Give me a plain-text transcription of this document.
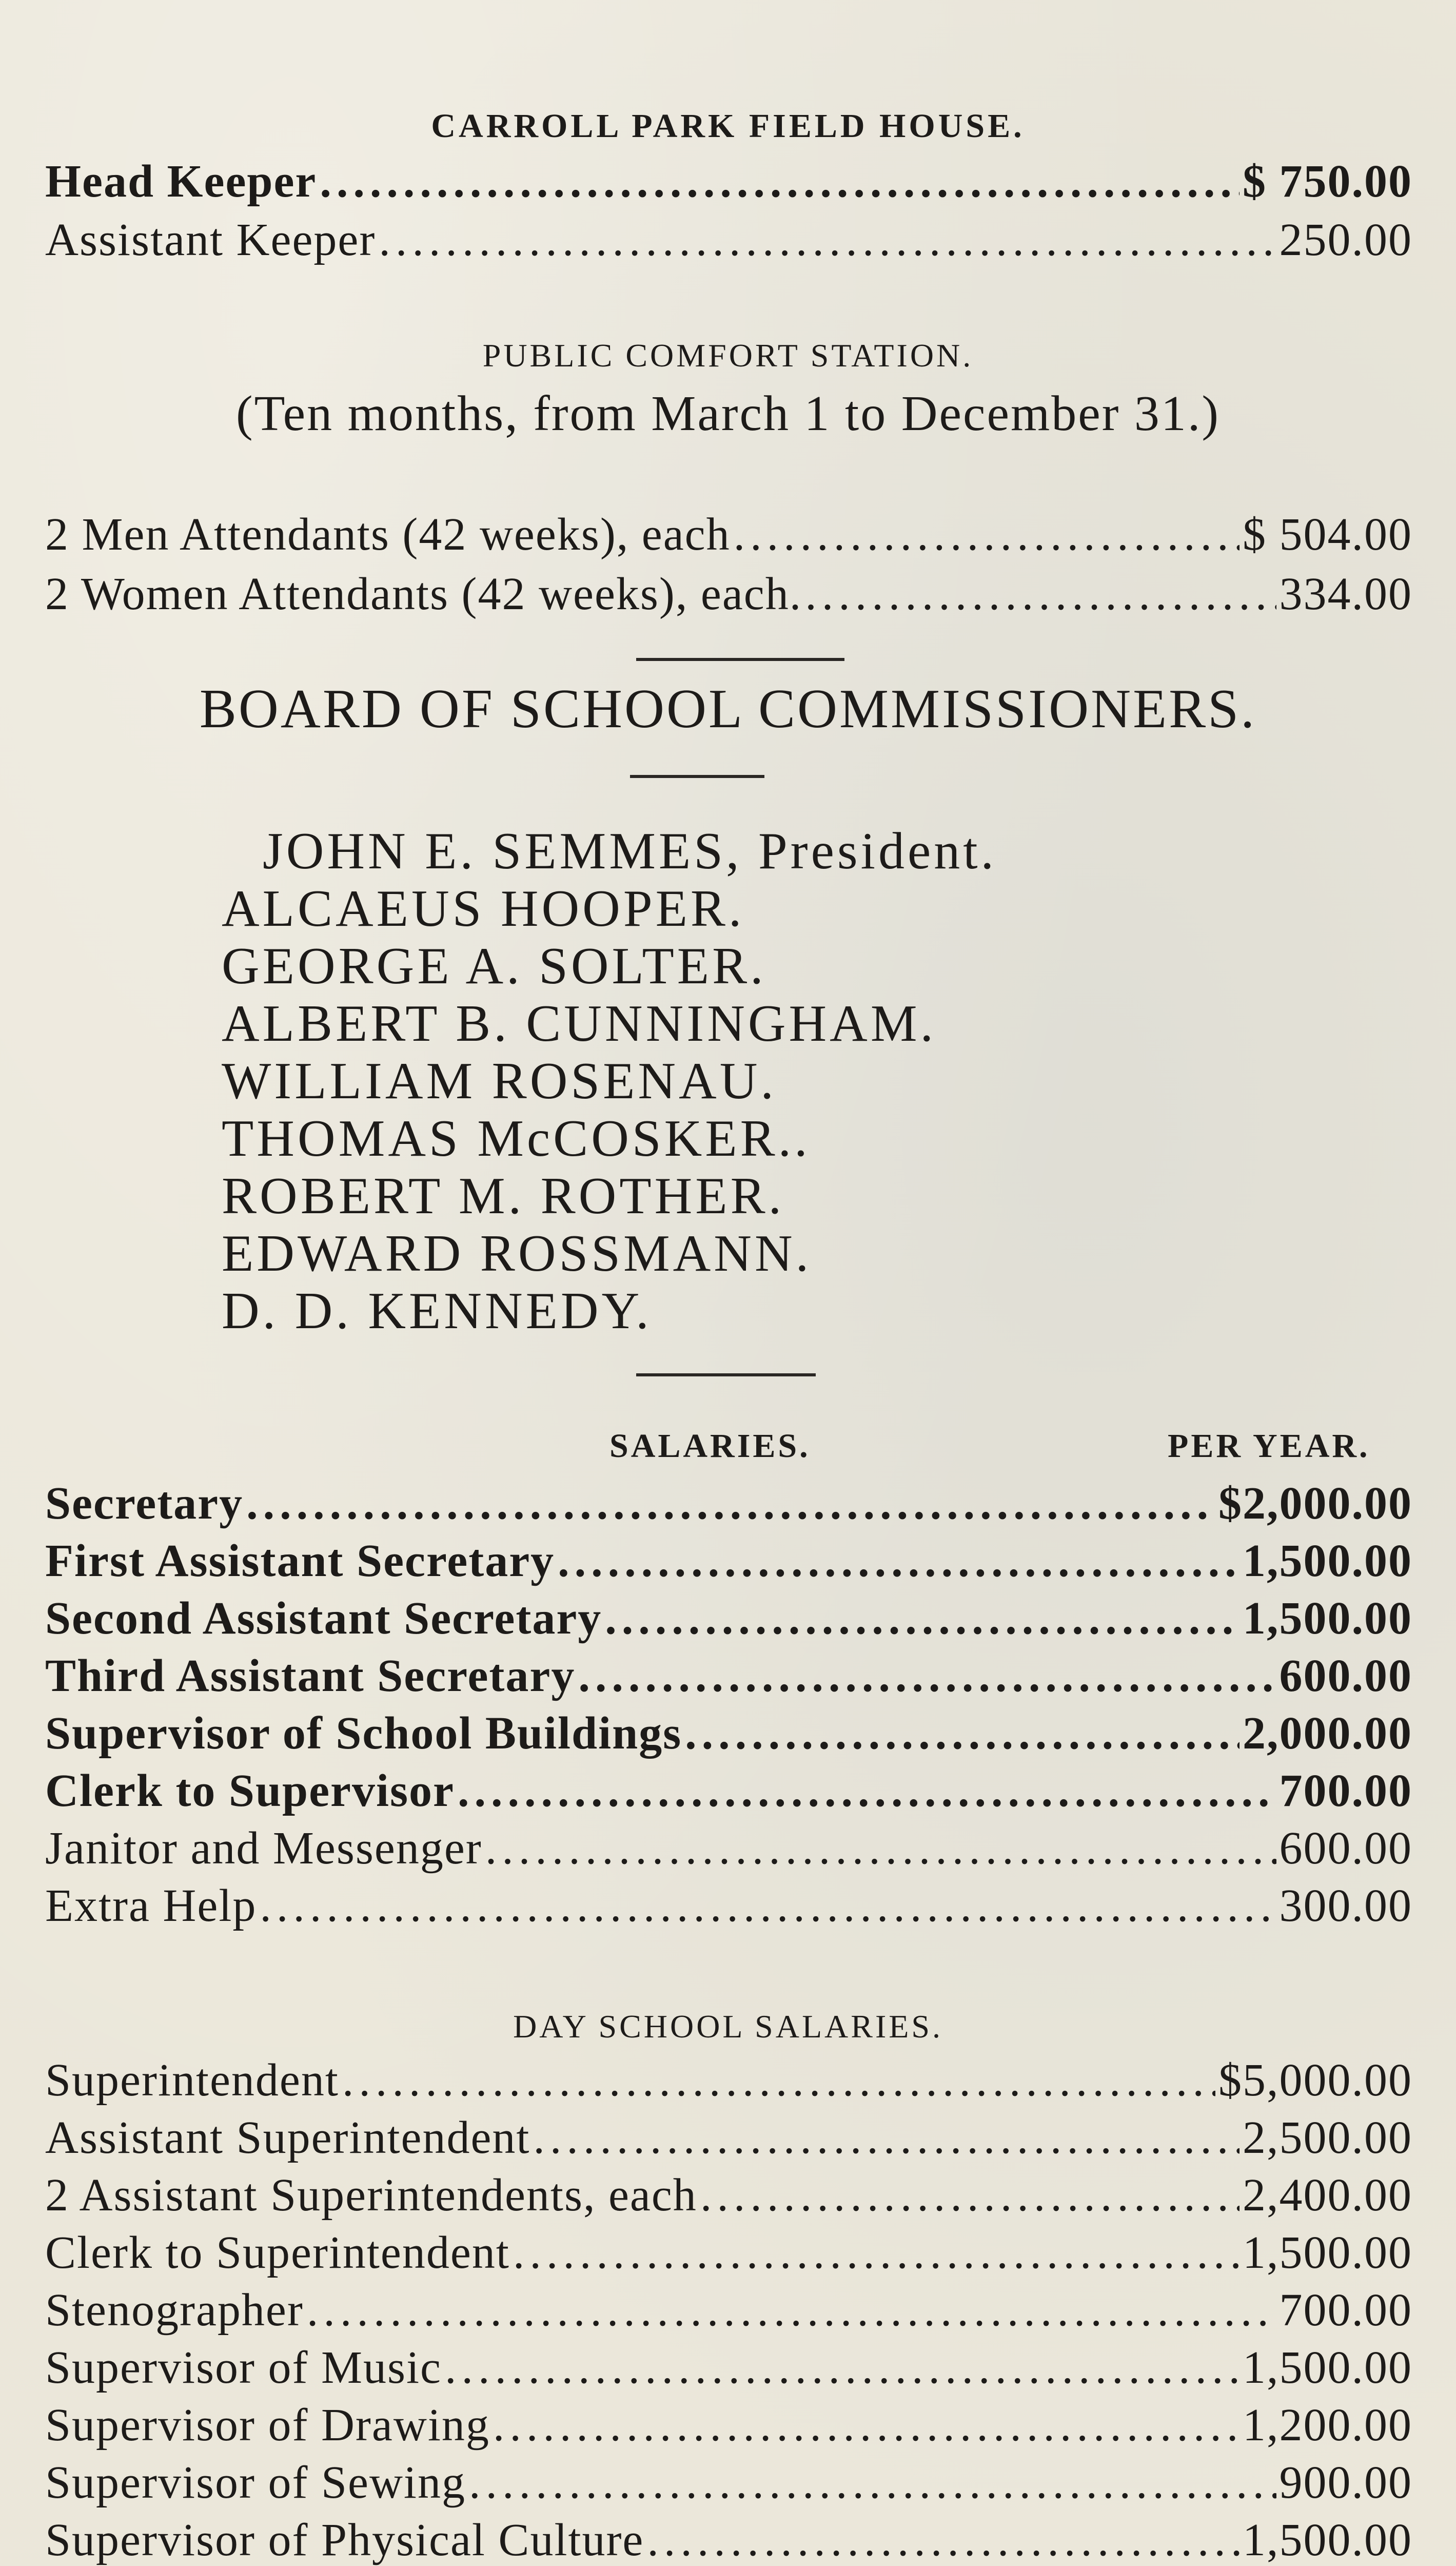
CARROLL PARK FIELD HOUSE.
Head Keeper .....	$ 750.00
Assistant Keeper .....	250.00
PUBLIC COMFORT STATION.
(Ten months, from March 1 to December 31.)
2 Men Attendants (42 weeks), each .....	$ 504.00
2 Women Attendants (42 weeks), each. .....	334.00
BOARD OF SCHOOL COMMISSIONERS.
JOHN E. SEMMES, President.
ALCAEUS HOOPER.
GEORGE A. SOLTER.
ALBERT B. CUNNINGHAM.
WILLIAM ROSENAU.
THOMAS McCOSKER..
ROBERT M. ROTHER.
EDWARD ROSSMANN.
D. D. KENNEDY.
SALARIES.	PER YEAR.
Secretary .....	$2,000.00
First Assistant Secretary .....	1,500.00
Second Assistant Secretary .....	1,500.00
Third Assistant Secretary .....	600.00
Supervisor of School Buildings .....	2,000.00
Clerk to Supervisor .....	700.00
Janitor and Messenger .....	600.00
Extra Help .....	300.00
DAY SCHOOL SALARIES.
Superintendent .....	$5,000.00
Assistant Superintendent .....	2,500.00
2 Assistant Superintendents, each .....	2,400.00
Clerk to Superintendent .....	1,500.00
Stenographer .....	700.00
Supervisor of Music .....	1,500.00
Supervisor of Drawing .....	1,200.00
Supervisor of Sewing .....	900.00
Supervisor of Physical Culture .....	1,500.00
